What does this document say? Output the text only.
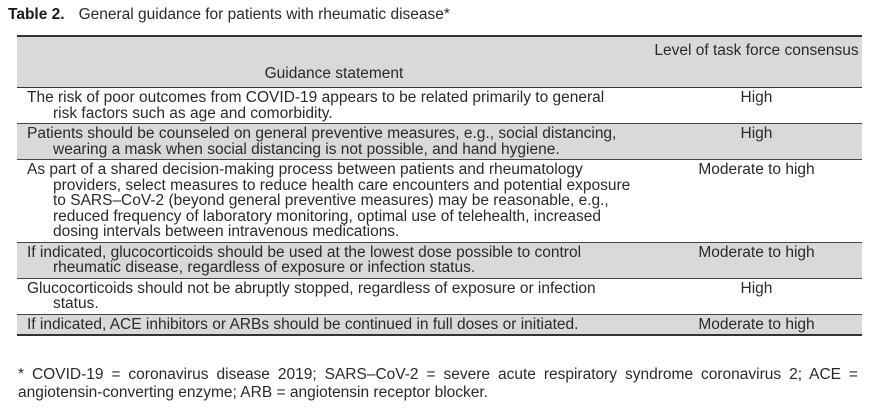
Table 2. General guidance for patients with rheumatic disease*
Guidance statement
Level of task force consensus
The risk of poor outcomes from COVID-19 appears to be related primarily to general
risk factors such as age and comorbidity.
High
Patients should be counseled on general preventive measures, e.g., social distancing,
wearing a mask when social distancing is not possible, and hand hygiene.
High
As part of a shared decision-making process between patients and rheumatology
providers, select measures to reduce health care encounters and potential exposure to SARS–CoV-2 (beyond general preventive measures) may be reasonable, e.g., reduced frequency of laboratory monitoring, optimal use of telehealth, increased dosing intervals between intravenous medications.
Moderate to high
If indicated, glucocorticoids should be used at the lowest dose possible to control
rheumatic disease, regardless of exposure or infection status.
Moderate to high
Glucocorticoids should not be abruptly stopped, regardless of exposure or infection
status.
High
If indicated, ACE inhibitors or ARBs should be continued in full doses or initiated.	Moderate to high
* COVID-19 = coronavirus disease 2019; SARS–CoV-2 = severe acute respiratory syndrome coronavirus 2; ACE = angiotensin-converting enzyme; ARB = angiotensin receptor blocker.
